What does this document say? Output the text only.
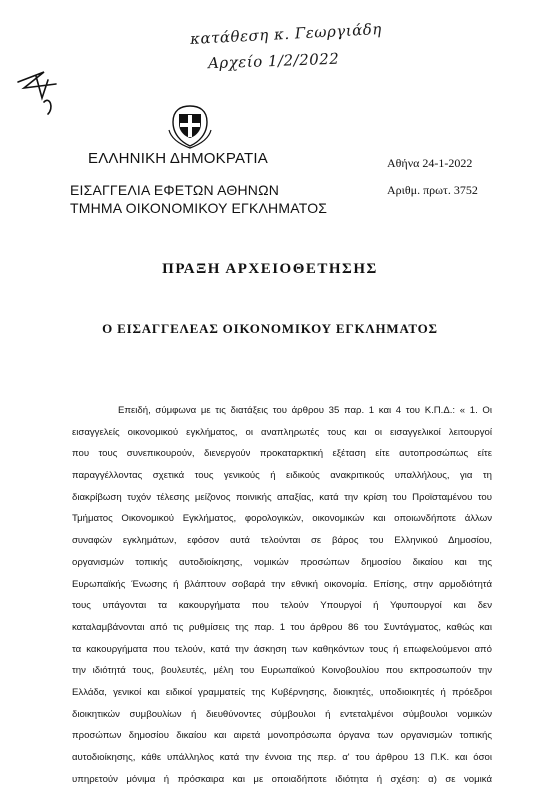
κατάθεση κ. Γεωργιάδη
Αρχείο 1/2/2022
ΕΛΛΗΝΙΚΗ ΔΗΜΟΚΡΑΤΙΑ
ΕΙΣΑΓΓΕΛΙΑ ΕΦΕΤΩΝ ΑΘΗΝΩΝ
ΤΜΗΜΑ ΟΙΚΟΝΟΜΙΚΟΥ ΕΓΚΛΗΜΑΤΟΣ
Αθήνα 24-1-2022
Αριθμ. πρωτ. 3752
ΠΡΑΞΗ ΑΡΧΕΙΟΘΕΤΗΣΗΣ
Ο ΕΙΣΑΓΓΕΛΕΑΣ ΟΙΚΟΝΟΜΙΚΟΥ ΕΓΚΛΗΜΑΤΟΣ
Επειδή, σύμφωνα με τις διατάξεις του άρθρου 35 παρ. 1 και 4 του Κ.Π.Δ.: « 1. Οι
εισαγγελείς οικονομικού εγκλήματος, οι αναπληρωτές τους και οι εισαγγελικοί λειτουργοί
που τους συνεπικουρούν, διενεργούν προκαταρκτική εξέταση είτε αυτοπροσώπως είτε
παραγγέλλοντας σχετικά τους γενικούς ή ειδικούς ανακριτικούς υπαλλήλους, για τη
διακρίβωση τυχόν τέλεσης μείζονος ποινικής απαξίας, κατά την κρίση του Προϊσταμένου του
Τμήματος Οικονομικού Εγκλήματος, φορολογικών, οικονομικών και οποιωνδήποτε άλλων
συναφών εγκλημάτων, εφόσον αυτά τελούνται σε βάρος του Ελληνικού Δημοσίου,
οργανισμών τοπικής αυτοδιοίκησης, νομικών προσώπων δημοσίου δικαίου και της
Ευρωπαϊκής Ένωσης ή βλάπτουν σοβαρά την εθνική οικονομία. Επίσης, στην αρμοδιότητά
τους υπάγονται τα κακουργήματα που τελούν Υπουργοί ή Υφυπουργοί και δεν
καταλαμβάνονται από τις ρυθμίσεις της παρ. 1 του άρθρου 86 του Συντάγματος, καθώς και
τα κακουργήματα που τελούν, κατά την άσκηση των καθηκόντων τους ή επωφελούμενοι από
την ιδιότητά τους, βουλευτές, μέλη του Ευρωπαϊκού Κοινοβουλίου που εκπροσωπούν την
Ελλάδα, γενικοί και ειδικοί γραμματείς της Κυβέρνησης, διοικητές, υποδιοικητές ή πρόεδροι
διοικητικών συμβουλίων ή διευθύνοντες σύμβουλοι ή εντεταλμένοι σύμβουλοι νομικών
προσώπων δημοσίου δικαίου και αιρετά μονοπρόσωπα όργανα των οργανισμών τοπικής
αυτοδιοίκησης, κάθε υπάλληλος κατά την έννοια της περ. α' του άρθρου 13 Π.Κ. και όσοι
υπηρετούν μόνιμα ή πρόσκαιρα και με οποιαδήποτε ιδιότητα ή σχέση: α) σε νομικά
